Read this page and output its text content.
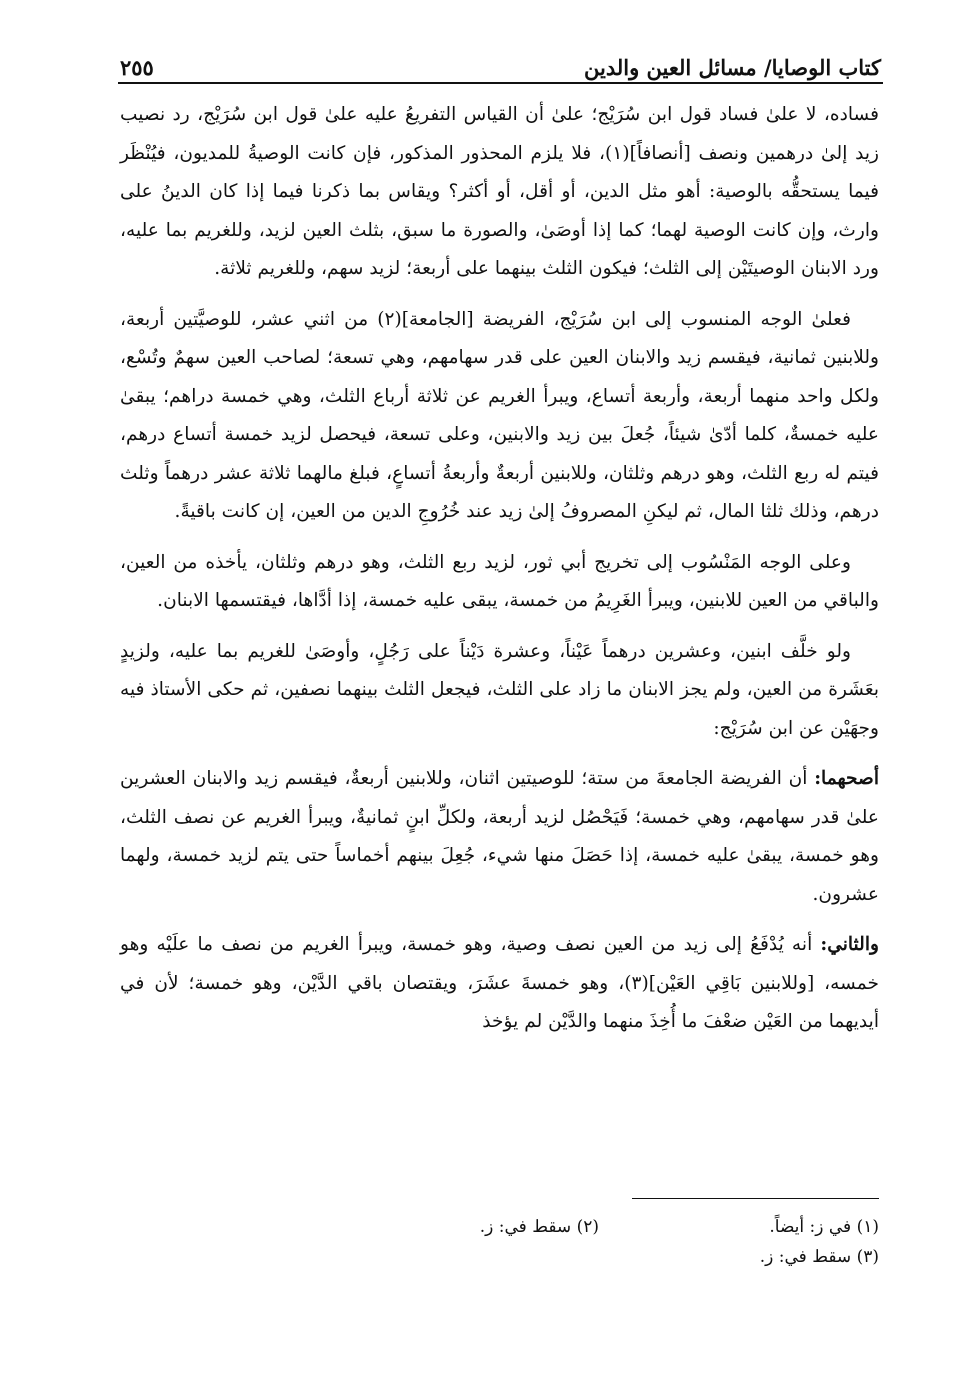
كتاب الوصايا/ مسائل العين والدين
٢٥٥

فساده، لا علىٰ فساد قول ابن سُرَيْج؛ علىٰ أن القياس التفريعُ عليه علىٰ قول ابن سُرَيْج، رد نصيب زيد إلىٰ درهمين ونصف [أنصافاً](١)، فلا يلزم المحذور المذكور، فإن كانت الوصيةُ للمديون، فيُنْظَر فيما يستحقُّه بالوصية: أهو مثل الدين، أو أقل، أو أكثر؟ ويقاس بما ذكرنا فيما إذا كان الدينُ على وارث، وإن كانت الوصية لهما؛ كما إذا أوصَىٰ، والصورة ما سبق، بثلث العين لزيد، وللغريم بما عليه، ورد الابنان الوصيتَيْن إلى الثلث؛ فيكون الثلث بينهما على أربعة؛ لزيد سهم، وللغريم ثلاثة.

فعلىٰ الوجه المنسوب إلى ابن سُرَيْج، الفريضة [الجامعة](٢) من اثني عشر، للوصيَّتين أربعة، وللابنين ثمانية، فيقسم زيد والابنان العين على قدر سهامهم، وهي تسعة؛ لصاحب العين سهمٌ وتُسْع، ولكل واحد منهما أربعة، وأربعة أتساع، ويبرأ الغريم عن ثلاثة أرباع الثلث، وهي خمسة دراهم؛ يبقىٰ عليه خمسةٌ، كلما أدّىٰ شيئاً، جُعلَ بين زيد والابنين، وعلى تسعة، فيحصل لزيد خمسة أتساع درهم، فيتم له ربع الثلث، وهو درهم وثلثان، وللابنين أربعةٌ وأربعةُ أتساعٍ، فبلغ مالهما ثلاثة عشر درهماً وثلث درهم، وذلك ثلثا المال، ثم ليكنِ المصروفُ إلىٰ زيد عند خُرُوجِ الدين من العين، إن كانت باقيةً.

وعلى الوجه المَنْسُوب إلى تخريج أبي ثور، لزيد ربع الثلث، وهو درهم وثلثان، يأخذه من العين، والباقي من العين للابنين، ويبرأ الغَرِيمُ من خمسة، يبقى عليه خمسة، إذا أدَّاها، فيقتسمها الابنان.

ولو خلَّف ابنين، وعشرين درهماً عَيْناً، وعشرة دَيْناً على رَجُلٍ، وأوصَىٰ للغريم بما عليه، ولزيدٍ بعَشَرة من العين، ولم يجز الابنان ما زاد على الثلث، فيجعل الثلث بينهما نصفين، ثم حكى الأستاذ فيه وجهَيْن عن ابن سُرَيْج:

أصحهما: أن الفريضة الجامعةَ من ستة؛ للوصيتين اثنان، وللابنين أربعةٌ، فيقسم زيد والابنان العشرين علىٰ قدر سهامهم، وهي خمسة؛ فَيَحْصُل لزيد أربعة، ولكلِّ ابنٍ ثمانيةٌ، ويبرأ الغريم عن نصف الثلث، وهو خمسة، يبقىٰ عليه خمسة، إذا حَصَلَ منها شيء، جُعِلَ بينهم أخماساً حتى يتم لزيد خمسة، ولهما عشرون.

والثاني: أنه يُدْفَعُ إلى زيد من العين نصف وصية، وهو خمسة، ويبرأ الغريم من نصف ما علَيْه وهو خمسه، [وللابنين بَاقِي العَيْن](٣)، وهو خمسةَ عشَرَ، ويقتصان باقي الدَّيْن، وهو خمسة؛ لأن في أيديهما من العَيْن ضعْفَ ما أُخِذَ منهما والدَّيْن لم يؤخذ

(١) في ز: أيضاً.
(٢) سقط في: ز.
(٣) سقط في: ز.
